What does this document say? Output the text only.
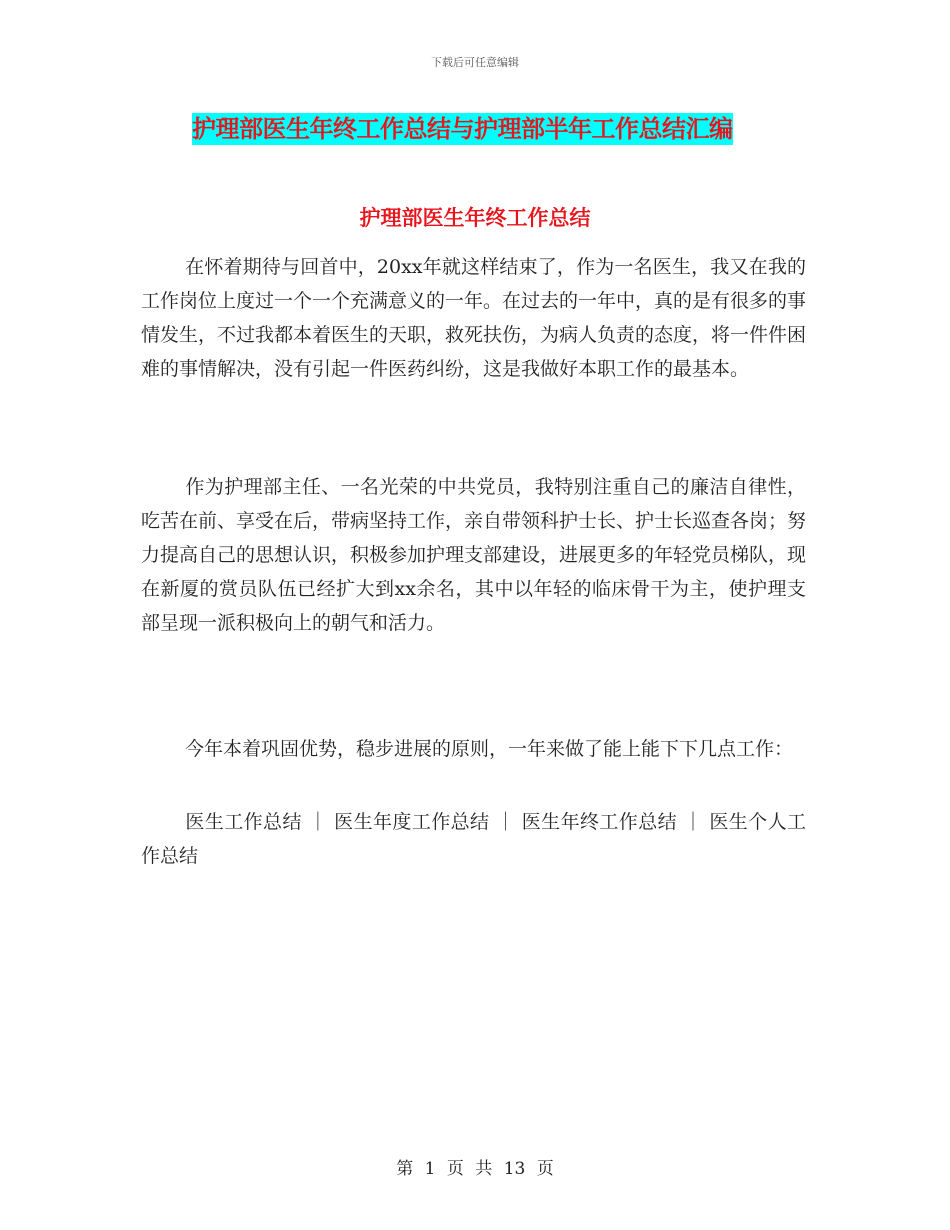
下载后可任意编辑
护理部医生年终工作总结与护理部半年工作总结汇编
护理部医生年终工作总结
在怀着期待与回首中，20xx年就这样结束了，作为一名医生，我又在我的工作岗位上度过一个一个充满意义的一年。在过去的一年中，真的是有很多的事情发生，不过我都本着医生的天职，救死扶伤，为病人负责的态度，将一件件困难的事情解决，没有引起一件医药纠纷，这是我做好本职工作的最基本。
作为护理部主任、一名光荣的中共党员，我特别注重自己的廉洁自律性，吃苦在前、享受在后，带病坚持工作，亲自带领科护士长、护士长巡查各岗；努力提高自己的思想认识，积极参加护理支部建设，进展更多的年轻党员梯队，现在新厦的赏员队伍已经扩大到xx余名，其中以年轻的临床骨干为主，使护理支部呈现一派积极向上的朝气和活力。
今年本着巩固优势，稳步进展的原则，一年来做了能上能下下几点工作：
医生工作总结 ｜ 医生年度工作总结 ｜ 医生年终工作总结 ｜ 医生个人工作总结
第 1 页 共 13 页
